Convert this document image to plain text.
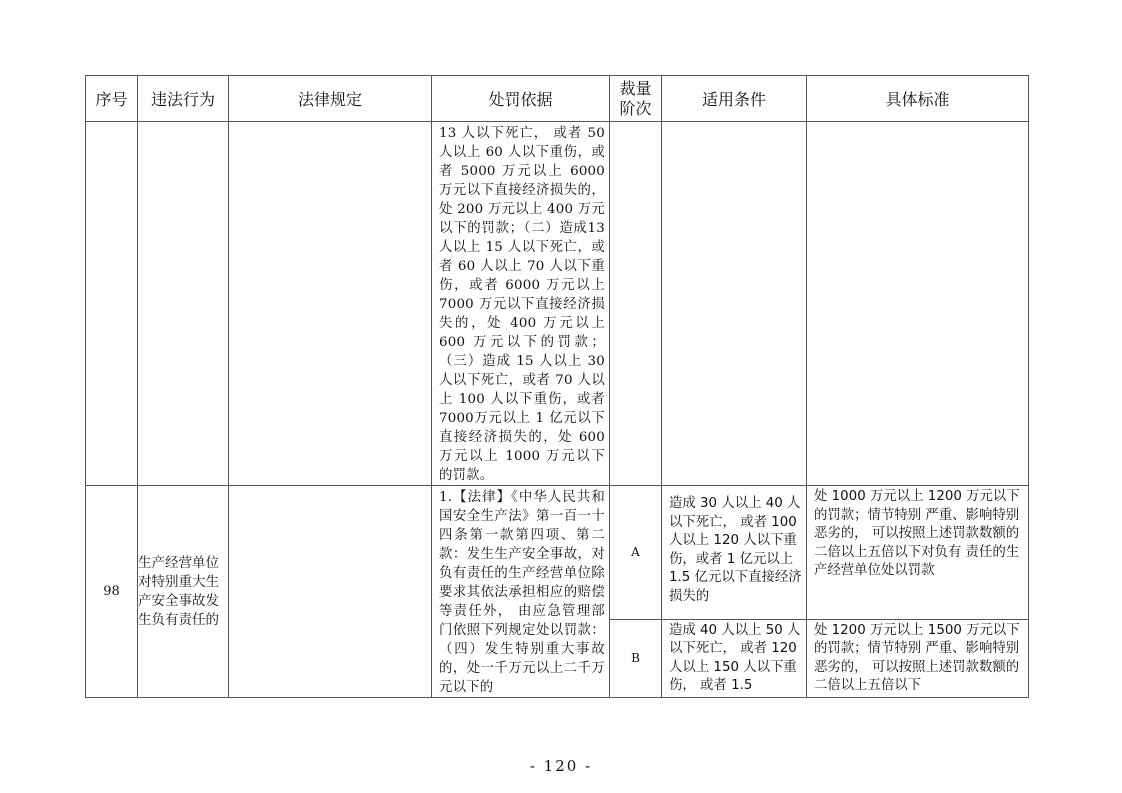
序号	违法行为	法律规定	处罚依据	裁量
阶次	适用条件	具体标准

			13 人以下死亡， 或者 50 人以上 60 人以下重伤，或者 5000 万元以上 6000 万元以下直接经济损失的，处 200 万元以上 400 万元以下的罚款；（二）造成13人以上 15 人以下死亡，或者 60 人以上 70 人以下重伤，或者 6000 万元以上 7000 万元以下直接经济损失的，处 400 万元以上 600 万元以下的罚款；（三）造成 15 人以上 30 人以下死亡，或者 70 人以上 100 人以下重伤，或者 7000万元以上 1 亿元以下直接经济损失的，处 600 万元以上 1000 万元以下的罚款。			

98	生产经营单位对特别重大生产安全事故发生负有责任的		1.【法律】《中华人民共和国安全生产法》第一百一十四条第一款第四项、第二款：发生生产安全事故，对负有责任的生产经营单位除要求其依法承担相应的赔偿等责任外， 由应急管理部门依照下列规定处以罚款：（四）发生特别重大事故的，处一千万元以上二千万元以下的	A	造成 30 人以上 40 人以下死亡， 或者 100 人以上 120 人以下重伤，或者 1 亿元以上 1.5 亿元以下直接经济损失的	处 1000 万元以上 1200 万元以下的罚款；情节特别 严重、影响特别恶劣的， 可以按照上述罚款数额的二倍以上五倍以下对负有 责任的生产经营单位处以罚款

				B	造成 40 人以上 50 人以下死亡， 或者 120 人以上 150 人以下重伤， 或者 1.5	处 1200 万元以上 1500 万元以下的罚款；情节特别 严重、影响特别恶劣的， 可以按照上述罚款数额的二倍以上五倍以下
- 120 -
